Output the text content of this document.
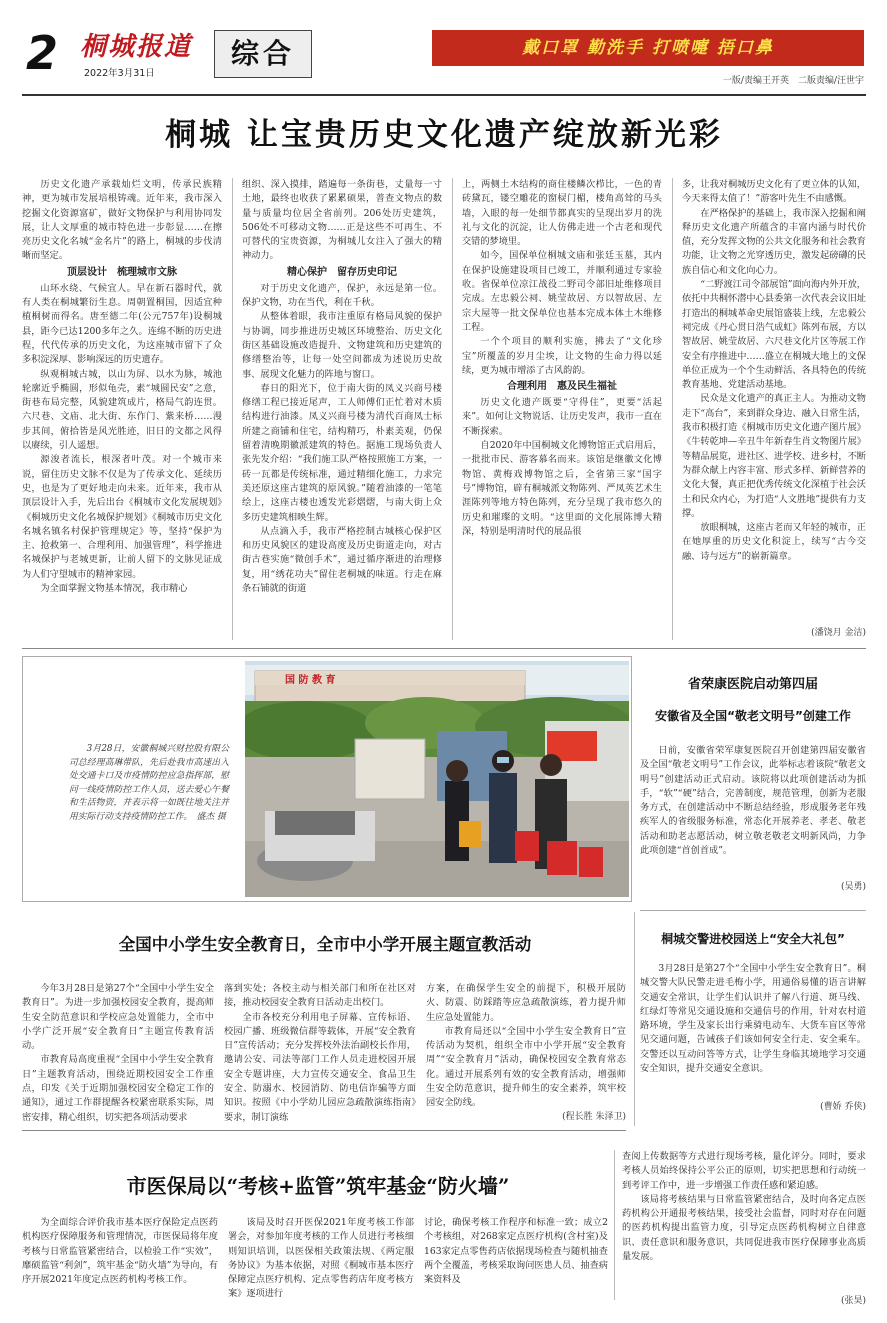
2 桐城报道
2022年3月31日
综合	戴口罩 勤洗手 打喷嚏 捂口鼻
一版/责编王开英　二版责编/汪世宇
桐城 让宝贵历史文化遗产绽放新光彩

历史文化遗产承载灿烂文明，传承民族精神，更为城市发展培根铸魂。近年来，我市深入挖掘文化资源富矿，做好文物保护与利用协同发展，让人文厚重的城市特色进一步彰显……在擦亮历史文化名城“金名片”的路上，桐城的步伐清晰而坚定。

顶层设计　梳理城市文脉

山环水绕、气候宜人。早在新石器时代，就有人类在桐城繁衍生息。周朝置桐国，因适宜种植桐树而得名。唐至德二年(公元757年)设桐城县，距今已达1200多年之久。连绵不断的历史进程，代代传承的历史文化，为这座城市留下了众多积淀深厚、影响深远的历史遗存。

纵观桐城古城，以山为屏、以水为脉，城池轮廓近乎椭圆，形似龟壳，素“城圆民安”之意，街巷布局完整，风貌建筑成片，格局气韵连贯。六尺巷、文庙、北大街、东作门、紫来桥……漫步其间，俯拾皆是风光胜迹，旧日的文都之风得以赓续，引人遥想。

源浚者流长，根深者叶茂。对一个城市来说，留住历史文脉不仅是为了传承文化、延续历史，也是为了更好地走向未来。近年来，我市从顶层设计入手，先后出台《桐城市文化发展规划》《桐城历史文化名城保护规划》《桐城市历史文化名城名镇名村保护管理规定》等，坚持“保护为主、抢救第一、合理利用、加强管理”，科学推进名城保护与老城更新，让前人留下的文脉见证成为人们守望城市的精神家园。

为全面掌握文物基本情况，我市精心

组织、深入摸排，踏遍每一条街巷，丈量每一寸土地，最终也收获了累累硕果，普查文物点的数量与质量均位居全省前列。206处历史建筑，506处不可移动文物……正是这些不可再生、不可替代的宝贵资源，为桐城儿女注入了强大的精神动力。

精心保护　留存历史印记

对于历史文化遗产，保护，永远是第一位。保护文物，功在当代，利在千秋。

从整体着眼，我市注重原有格局风貌的保护与协调，同步推进历史城区环境整治、历史文化街区基础设施改造提升、文物建筑和历史建筑的修缮整治等，让每一处空间都成为述说历史故事、展现文化魅力的阵地与窗口。

春日的阳光下，位于南大街的凤义兴商号楼修缮工程已接近尾声，工人师傅们正忙着对木质结构进行油漆。凤义兴商号楼为清代百商凤士标所建之商铺和住宅，结构精巧，朴素美观，仍保留着清晚期徽派建筑的特色。据施工现场负责人张先发介绍：“我们施工队严格按照施工方案，一砖一瓦都是传统标准，通过精细化施工，力求完美还原这座古建筑的原风貌。”随着油漆的一笔笔绘上，这座古楼也透发光彩熠熠，与南大街上众多历史建筑相映生辉。

从点滴入手，我市严格控制古城核心保护区和历史风貌区的建设高度及历史街道走向，对古街古巷实施“微创手术”，通过循序渐进的治理修复，用“绣花功夫”留住老桐城的味道。行走在麻条石铺就的街道

上，两侧土木结构的商住楼鳞次栉比，一色的青砖黛瓦，镂空雕花的窗棂门楣，楼角高耸的马头墙，入眼的每一处细节都真实的呈现出岁月的洗礼与文化的沉淀，让人仿佛走进一个古老和现代交错的梦境里。

如今，国保单位桐城文庙和张廷玉墓，其内在保护设施建设项目已竣工，并顺利通过专家验收。省保单位凉江战役二野司令部旧址维修项目完成。左忠毅公祠、姚莹故居、方以智故居、左宗大屋等一批文保单位也基本完成本体土木维修工程。

一个个项目的顺利实施，拂去了“文化珍宝”所覆盖的岁月尘埃，让文物的生命力得以延续，更为城市增添了古风韵韵。

合理利用　惠及民生福祉

历史文化遗产既要“守得住”，更要“活起来”。如何让文物说话、让历史发声，我市一直在不断探索。

自2020年中国桐城文化博物馆正式启用后，一批批市民、游客慕名而来。该馆是继徽文化博物馆、黄梅戏博物馆之后，全省第三家“国字号”博物馆，辟有桐城派文物陈列、严凤英艺术生涯陈列等地方特色陈列，充分呈现了我市悠久的历史和璀璨的文明。“这里面的文化展陈博大精深，特别是明清时代的展品很

多，让我对桐城历史文化有了更立体的认知，今天来得太值了！”游客叶先生不由感慨。

在严格保护的基础上，我市深入挖掘和阐释历史文化遗产所蕴含的丰富内涵与时代价值，充分发挥文物的公共文化服务和社会教育功能，让文物之光穿透历史，激发起磅礴的民族自信心和文化向心力。

“二野渡江司令部展馆”面向海内外开放，依托中共桐怀潜中心县委第一次代表会议旧址打造出的桐城革命史展馆盛装上线，左忠毅公祠完成《丹心贯日浩气成虹》陈列布展，方以智故居、姚莹故居、六尺巷文化片区等展工作安全有序推进中……盛立在桐城大地上的文保单位正成为一个个生动鲜活、各具特色的传统教育基地、党建活动基地。

民众是文化遗产的真正主人。为推动文物走下“高台”，来到群众身边、融入日常生活，我市积极打造《桐城市历史文化遗产图片展》《牛转乾坤—辛丑牛年新春生肖文物图片展》等精品展览，进社区、进学校、进乡村，不断为群众献上内容丰富、形式多样、新鲜营养的文化大餐，真正把优秀传统文化深植于社会沃土和民众内心，为打造“人文胜地”提供有力支撑。

放眼桐城，这座古老而又年轻的城市，正在她厚重的历史文化积淀上，续写“古今交融、诗与远方”的崭新篇章。

(潘饶月 金洁)
3月28日，安徽桐城兴财控股有限公司总经理高琳带队，先后赴我市高速出入处交通卡口及市疫情防控应急指挥部，慰问一线疫情防控工作人员，送去爱心午餐和生活物资，并表示将一如既往地关注并用实际行动支持疫情防控工作。　盛杰 摄
国 防 教 育	省荣康医院启动第四届
安徽省及全国“敬老文明号”创建工作

日前，安徽省荣军康复医院召开创建第四届安徽省及全国“敬老文明号”工作会议，此举标志着该院“敬老文明号”创建活动正式启动。该院将以此项创建活动为抓手，“软”“硬”结合，完善制度，规范管理，创新为老服务方式，在创建活动中不断总结经验，形成服务老年残疾军人的省级服务标准，常态化开展养老、孝老、敬老活动和助老志愿活动，树立敬老敬老文明新风尚，力争此项创建“首创首成”。

(吴勇)
桐城交警进校园送上“安全大礼包”

3月28日是第27个“全国中小学生安全教育日”。桐城交警大队民警走进毛梅小学，用通俗易懂的语言讲解交通安全常识，让学生们认识并了解八行道、斑马线、红绿灯等常见交通设施和交通信号的作用，针对农村道路环境，学生及家长出行乘骑电动车、大货车盲区等常见交通问题，告诫孩子们该如何安全行走、安全乘车。交警还以互动问答等方式，让学生身临其境地学习交通安全知识，提升交通安全意识。

(曹娇 乔侠)
全国中小学生安全教育日，全市中小学开展主题宣教活动

今年3月28日是第27个“全国中小学生安全教育日”。为进一步加强校园安全教育，提高师生安全防范意识和学校应急处置能力，全市中小学广泛开展“安全教育日”主题宣传教育活动。

市教育局高度重视“全国中小学生安全教育日”主题教育活动，围绕近期校园安全工作重点，印发《关于近期加强校园安全稳定工作的通知》，通过工作群提醒各校紧密联系实际，周密安排，精心组织，切实把各项活动要求

落到实处；各校主动与相关部门和所在社区对接，推动校园安全教育日活动走出校门。

全市各校充分利用电子屏幕、宣传标语、校园广播、班级微信群等载体，开展“安全教育日”宣传活动；充分发挥校外法治副校长作用，邀请公安、司法等部门工作人员走进校园开展安全专题讲座，大力宣传交通安全、食品卫生安全、防溺水、校园消防、防电信诈骗等方面知识。按照《中小学幼儿园应急疏散演练指南》要求，制订演练

方案，在确保学生安全的前提下，积极开展防火、防震、防踩踏等应急疏散演练，着力提升师生应急处置能力。

市教育局还以“全国中小学生安全教育日”宣传活动为契机，组织全市中小学开展“安全教育周”“安全教育月”活动，确保校园安全教育常态化。通过开展系列有效的安全教育活动，增强师生安全防范意识，提升师生的安全素养，筑牢校园安全防线。

(程长胜 朱泽卫)
市医保局以“考核+监管”筑牢基金“防火墙”

为全面综合评价我市基本医疗保险定点医药机构医疗保障服务和管理情况，市医保局将年度考核与日常监管紧密结合，以检验工作“实效”，靡硕监管“利剑”，筑牢基金“防火墙”为导向，有序开展2021年度定点医药机构考核工作。

该局及时召开医保2021年度考核工作部署会，对参加年度考核的工作人员进行考核细则知识培训，以医保相关政策法规、《两定服务协议》为基本依据，对照《桐城市基本医疗保障定点医疗机构、定点零售药店年度考核方案》逐项进行

讨论，确保考核工作程序和标准一致；成立2个考核组，对268家定点医疗机构(含村室)及163家定点零售药店依据现场检查与随机抽查两个全覆盖，考核采取询问医患人员、抽查病案资料及

查阅上传数据等方式进行现场考核，量化评分。同时，要求考核人员始终保持公平公正的原则，切实把思想和行动统一到考评工作中，进一步增强工作责任感和紧迫感。

该局将考核结果与日常监管紧密结合，及时向各定点医药机构公开通报考核结果，接受社会监督，同时对存在问题的医药机构提出监管力度，引导定点医药机构树立自律意识、责任意识和服务意识，共同促进我市医疗保障事业高质量发展。

(张昊)
